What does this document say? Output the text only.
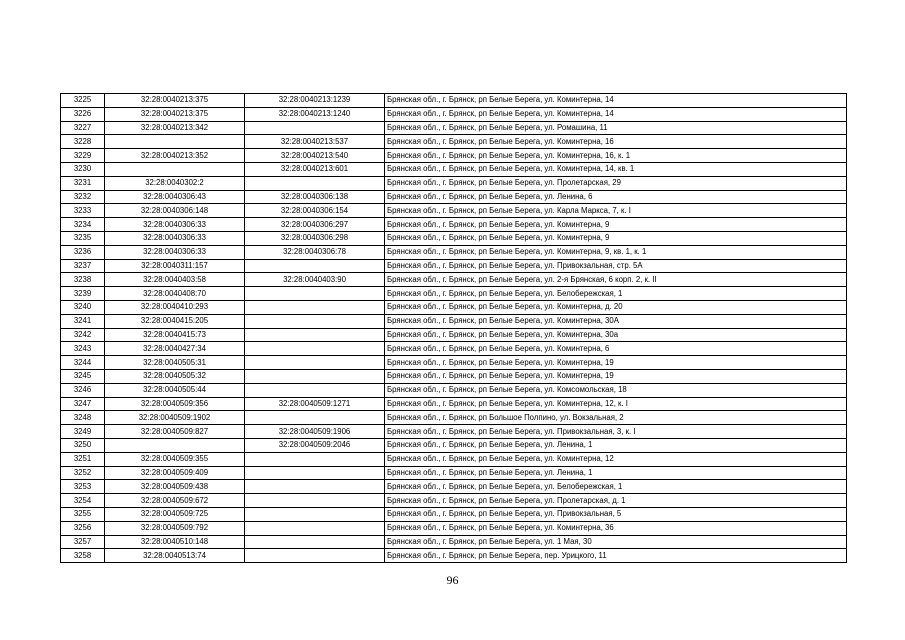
3225	32:28:0040213:375	32:28:0040213:1239	Брянская обл., г. Брянск, рп Белые Берега, ул. Коминтерна, 14
3226	32:28:0040213:375	32:28:0040213:1240	Брянская обл., г. Брянск, рп Белые Берега, ул. Коминтерна, 14
3227	32:28:0040213:342		Брянская обл., г. Брянск, рп Белые Берега, ул. Ромашина, 11
3228		32:28:0040213:537	Брянская обл., г. Брянск, рп Белые Берега, ул. Коминтерна, 16
3229	32:28:0040213:352	32:28:0040213:540	Брянская обл., г. Брянск, рп Белые Берега, ул. Коминтерна, 16, к. 1
3230		32:28:0040213:601	Брянская обл., г. Брянск, рп Белые Берега, ул. Коминтерна, 14, кв. 1
3231	32:28:0040302:2		Брянская обл., г. Брянск, рп Белые Берега, ул. Пролетарская, 29
3232	32:28:0040306:43	32:28:0040306:138	Брянская обл., г. Брянск, рп Белые Берега, ул. Ленина, 6
3233	32:28:0040306:148	32:28:0040306:154	Брянская обл., г. Брянск, рп Белые Берега, ул. Карла Маркса, 7, к. I
3234	32:28:0040306:33	32:28:0040306:297	Брянская обл., г. Брянск, рп Белые Берега, ул. Коминтерна, 9
3235	32:28:0040306:33	32:28:0040306:298	Брянская обл., г. Брянск, рп Белые Берега, ул. Коминтерна, 9
3236	32:28:0040306:33	32:28:0040306:78	Брянская обл., г. Брянск, рп Белые Берега, ул. Коминтерна, 9, кв. 1, к. 1
3237	32:28:0040311:157		Брянская обл., г. Брянск, рп Белые Берега, ул. Привокзальная, стр. 5А
3238	32:28:0040403:58	32:28:0040403:90	Брянская обл., г. Брянск, рп Белые Берега, ул. 2-я Брянская, 6 корп. 2, к. II
3239	32:28:0040408:70		Брянская обл., г. Брянск, рп Белые Берега, ул. Белобережская, 1
3240	32:28:0040410:293		Брянская обл., г. Брянск, рп Белые Берега, ул. Коминтерна, д. 20
3241	32:28:0040415:205		Брянская обл., г. Брянск, рп Белые Берега, ул. Коминтерна, 30А
3242	32:28:0040415:73		Брянская обл., г. Брянск, рп Белые Берега, ул. Коминтерна, 30а
3243	32:28:0040427:34		Брянская обл., г. Брянск, рп Белые Берега, ул. Коминтерна, 6
3244	32:28:0040505:31		Брянская обл., г. Брянск, рп Белые Берега, ул. Коминтерна, 19
3245	32:28:0040505:32		Брянская обл., г. Брянск, рп Белые Берега, ул. Коминтерна, 19
3246	32:28:0040505:44		Брянская обл., г. Брянск, рп Белые Берега, ул. Комсомольская, 18
3247	32:28:0040509:356	32:28:0040509:1271	Брянская обл., г. Брянск, рп Белые Берега, ул. Коминтерна, 12, к. I
3248	32:28:0040509:1902		Брянская обл., г. Брянск, рп Большое Полпино, ул. Вокзальная, 2
3249	32:28:0040509:827	32:28:0040509:1906	Брянская обл., г. Брянск, рп Белые Берега, ул. Привокзальная, 3, к. I
3250		32:28:0040509:2046	Брянская обл., г. Брянск, рп Белые Берега, ул. Ленина, 1
3251	32:28:0040509:355		Брянская обл., г. Брянск, рп Белые Берега, ул. Коминтерна, 12
3252	32:28:0040509:409		Брянская обл., г. Брянск, рп Белые Берега, ул. Ленина, 1
3253	32:28:0040509:438		Брянская обл., г. Брянск, рп Белые Берега, ул. Белобережская, 1
3254	32:28:0040509:672		Брянская обл., г. Брянск, рп Белые Берега, ул. Пролетарская, д. 1
3255	32:28:0040509:725		Брянская обл., г. Брянск, рп Белые Берега, ул. Привокзальная, 5
3256	32:28:0040509:792		Брянская обл., г. Брянск, рп Белые Берега, ул. Коминтерна, 36
3257	32:28:0040510:148		Брянская обл., г. Брянск, рп Белые Берега, ул. 1 Мая, 30
3258	32:28:0040513:74		Брянская обл., г. Брянск, рп Белые Берега, пер. Урицкого, 11
96
